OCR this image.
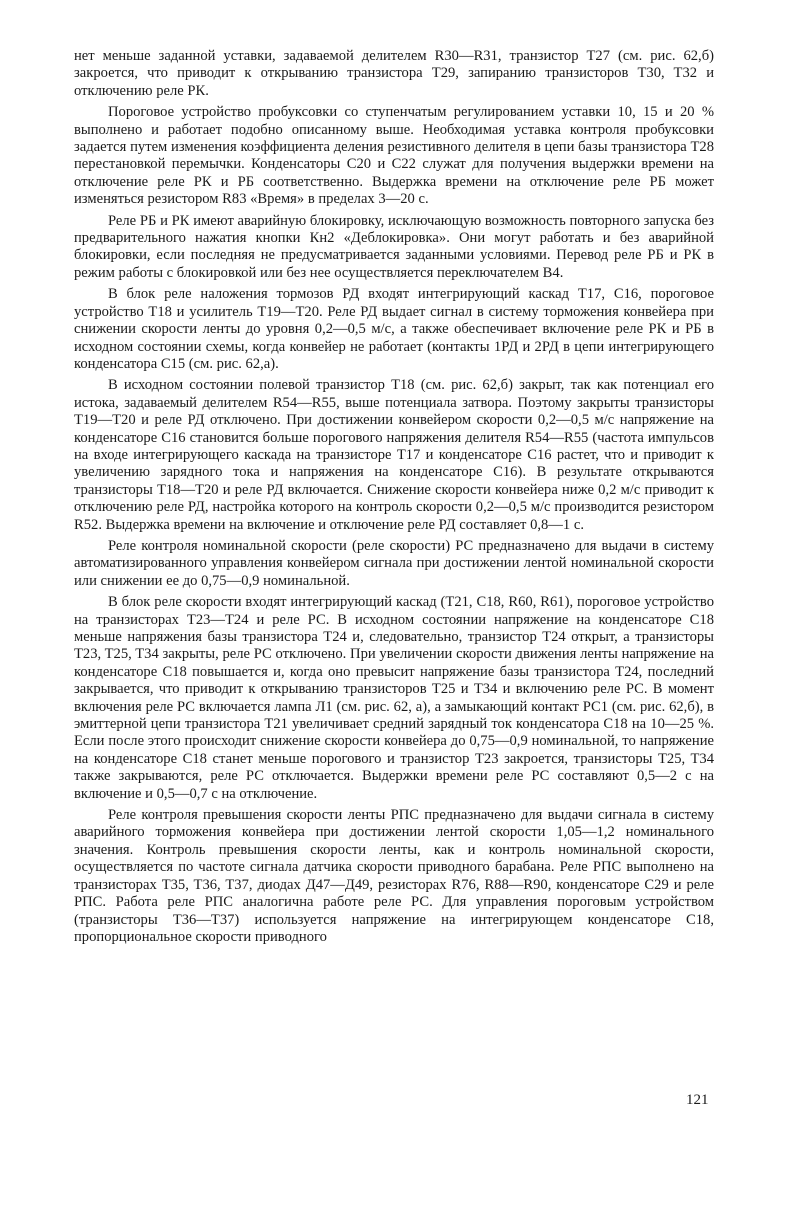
нет меньше заданной уставки, задаваемой делителем R30—R31, транзистор T27 (см. рис. 62,б) закроется, что приводит к открыванию транзистора T29, запиранию транзисторов T30, T32 и отключению реле РК.

Пороговое устройство пробуксовки со ступенчатым регулированием уставки 10, 15 и 20 % выполнено и работает подобно описанному выше. Необходимая уставка контроля пробуксовки задается путем изменения коэффициента деления резистивного делителя в цепи базы транзистора T28 перестановкой перемычки. Конденсаторы C20 и C22 служат для получения выдержки времени на отключение реле РК и РБ соответственно. Выдержка времени на отключение реле РБ может изменяться резистором R83 «Время» в пределах 3—20 с.

Реле РБ и РК имеют аварийную блокировку, исключающую возможность повторного запуска без предварительного нажатия кнопки Кн2 «Деблокировка». Они могут работать и без аварийной блокировки, если последняя не предусматривается заданными условиями. Перевод реле РБ и РК в режим работы с блокировкой или без нее осуществляется переключателем B4.

В блок реле наложения тормозов РД входят интегрирующий каскад T17, C16, пороговое устройство T18 и усилитель T19—T20. Реле РД выдает сигнал в систему торможения конвейера при снижении скорости ленты до уровня 0,2—0,5 м/с, а также обеспечивает включение реле РК и РБ в исходном состоянии схемы, когда конвейер не работает (контакты 1РД и 2РД в цепи интегрирующего конденсатора C15 (см. рис. 62,а).

В исходном состоянии полевой транзистор T18 (см. рис. 62,б) закрыт, так как потенциал его истока, задаваемый делителем R54—R55, выше потенциала затвора. Поэтому закрыты транзисторы T19—T20 и реле РД отключено. При достижении конвейером скорости 0,2—0,5 м/с напряжение на конденсаторе C16 становится больше порогового напряжения делителя R54—R55 (частота импульсов на входе интегрирующего каскада на транзисторе T17 и конденсаторе C16 растет, что и приводит к увеличению зарядного тока и напряжения на конденсаторе C16). В результате открываются транзисторы T18—T20 и реле РД включается. Снижение скорости конвейера ниже 0,2 м/с приводит к отключению реле РД, настройка которого на контроль скорости 0,2—0,5 м/с производится резистором R52. Выдержка времени на включение и отключение реле РД составляет 0,8—1 с.

Реле контроля номинальной скорости (реле скорости) РС предназначено для выдачи в систему автоматизированного управления конвейером сигнала при достижении лентой номинальной скорости или снижении ее до 0,75—0,9 номинальной.

В блок реле скорости входят интегрирующий каскад (T21, C18, R60, R61), пороговое устройство на транзисторах T23—T24 и реле РС. В исходном состоянии напряжение на конденсаторе C18 меньше напряжения базы транзистора T24 и, следовательно, транзистор T24 открыт, а транзисторы T23, T25, T34 закрыты, реле РС отключено. При увеличении скорости движения ленты напряжение на конденсаторе C18 повышается и, когда оно превысит напряжение базы транзистора T24, последний закрывается, что приводит к открыванию транзисторов T25 и T34 и включению реле РС. В момент включения реле РС включается лампа Л1 (см. рис. 62, а), а замыкающий контакт РС1 (см. рис. 62,б), в эмиттерной цепи транзистора T21 увеличивает средний зарядный ток конденсатора C18 на 10—25 %. Если после этого происходит снижение скорости конвейера до 0,75—0,9 номинальной, то напряжение на конденсаторе C18 станет меньше порогового и транзистор T23 закроется, транзисторы T25, T34 также закрываются, реле РС отключается. Выдержки времени реле РС составляют 0,5—2 с на включение и 0,5—0,7 с на отключение.

Реле контроля превышения скорости ленты РПС предназначено для выдачи сигнала в систему аварийного торможения конвейера при достижении лентой скорости 1,05—1,2 номинального значения. Контроль превышения скорости ленты, как и контроль номинальной скорости, осуществляется по частоте сигнала датчика скорости приводного барабана. Реле РПС выполнено на транзисторах T35, T36, T37, диодах Д47—Д49, резисторах R76, R88—R90, конденсаторе C29 и реле РПС. Работа реле РПС аналогична работе реле РС. Для управления пороговым устройством (транзисторы T36—T37) используется напряжение на интегрирующем конденсаторе C18, пропорциональное скорости приводного

121
